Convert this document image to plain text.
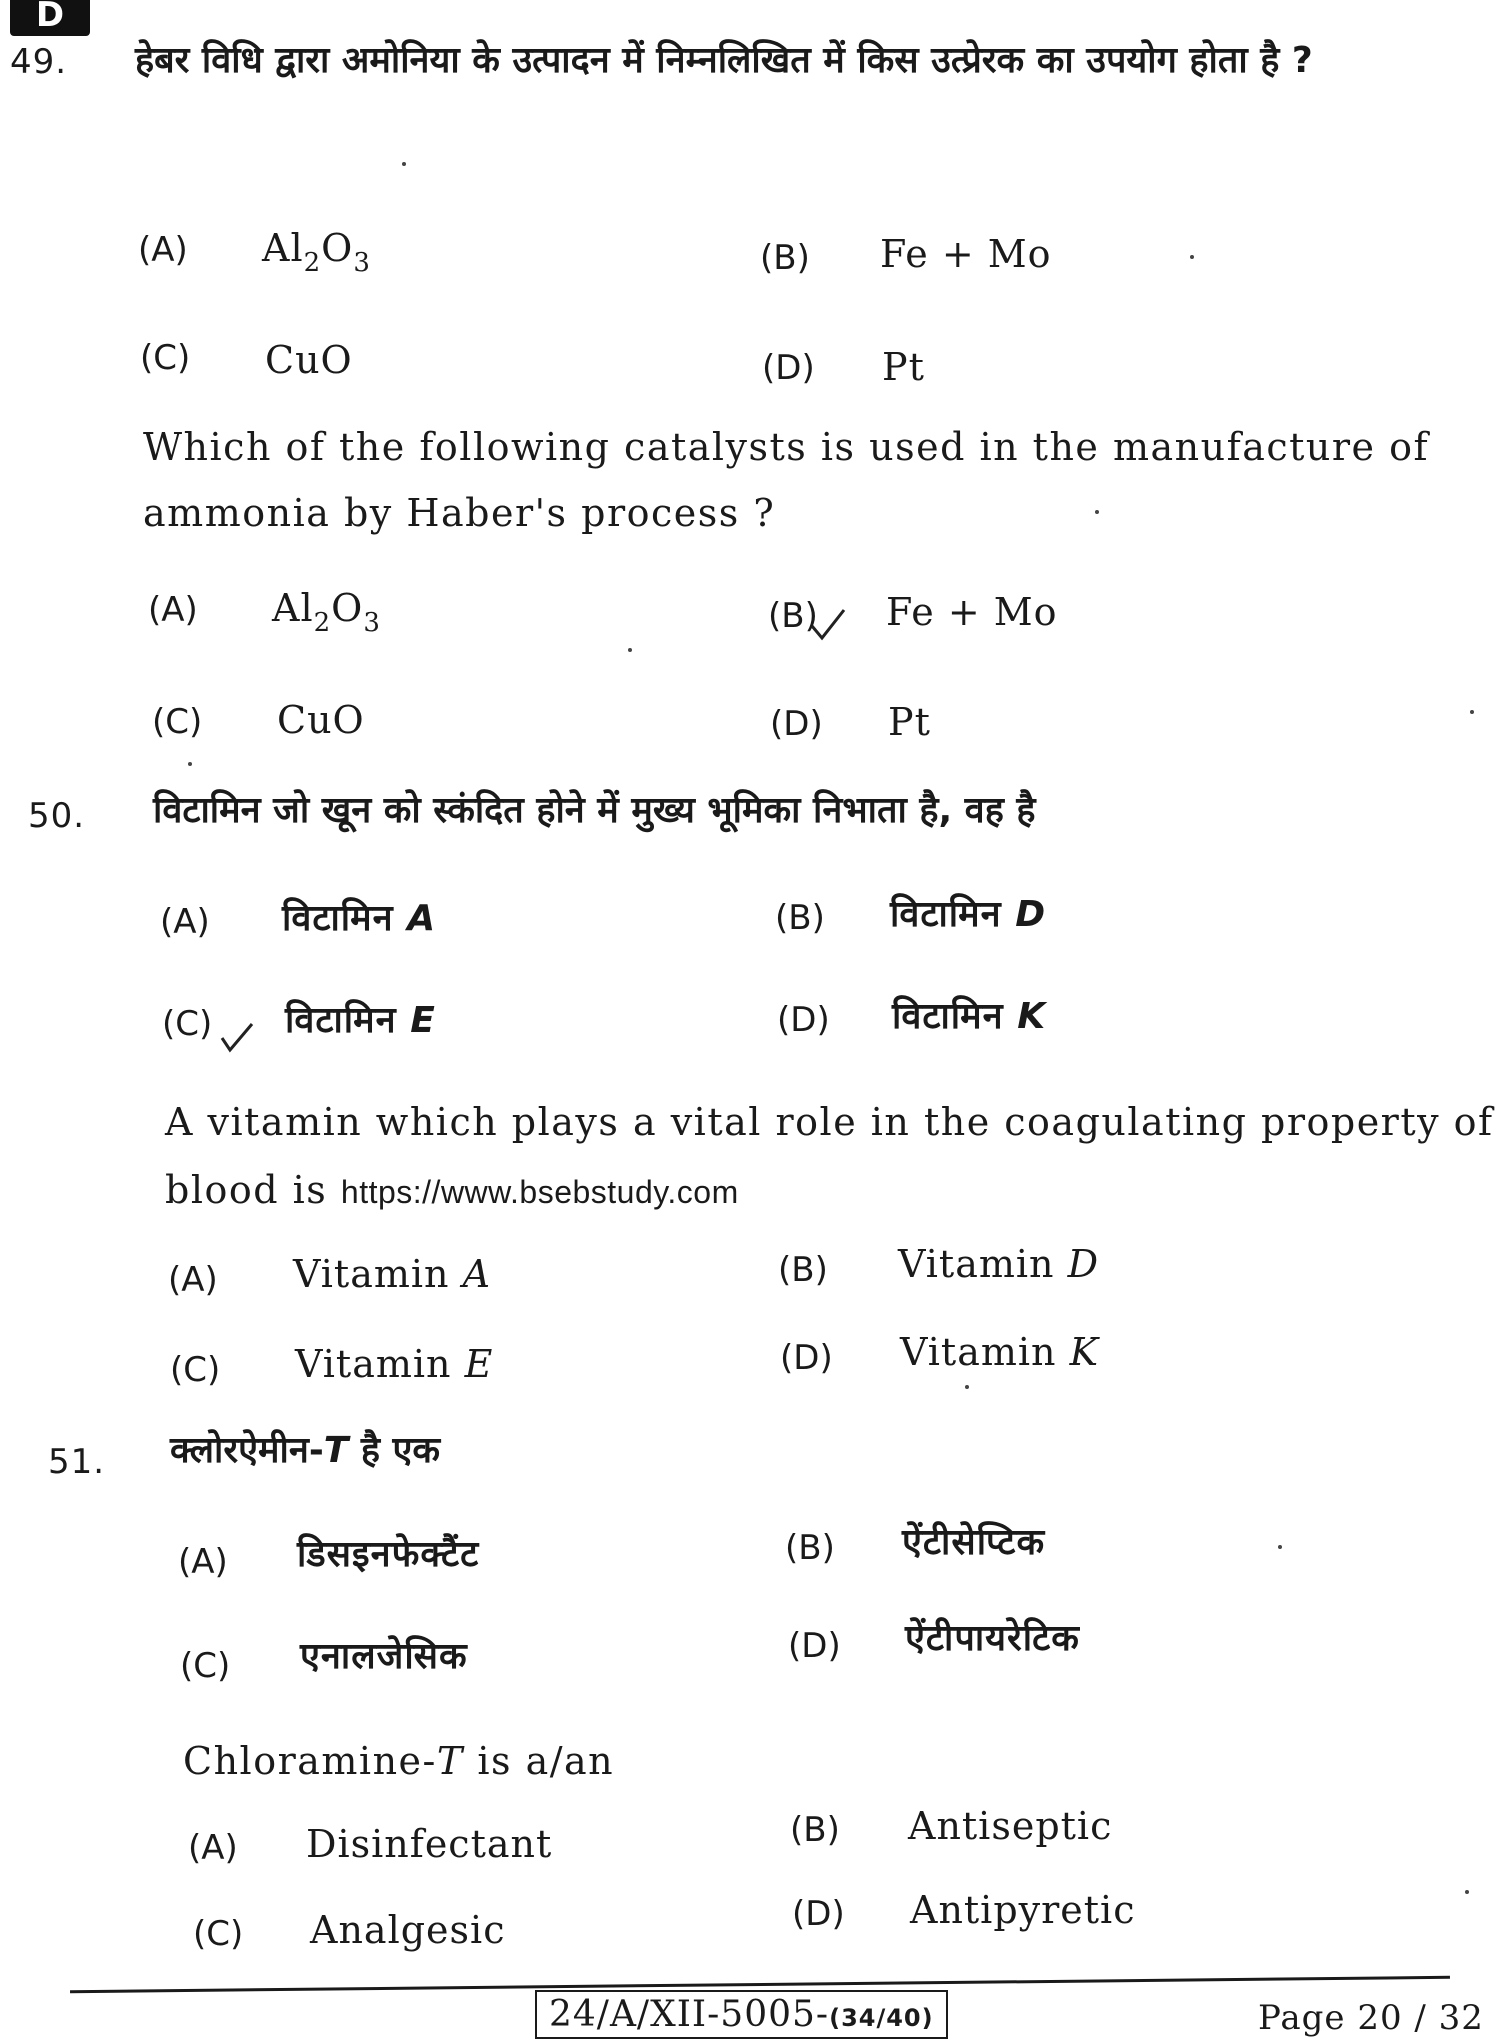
D
49. हेबर विधि द्वारा अमोनिया के उत्पादन में निम्नलिखित में किस उत्प्रेरक का उपयोग होता है ?
(A) $Al_2O_3$	(B) Fe + Mo
(C) CuO	(D) Pt
Which of the following catalysts is used in the manufacture of ammonia by Haber's process ?
(A) $Al_2O_3$	(B) Fe + Mo
(C) CuO	(D) Pt
50. विटामिन जो खून को स्कंदित होने में मुख्य भूमिका निभाता है, वह है
(A) विटामिन A	(B) विटामिन D
(C) विटामिन E	(D) विटामिन K
A vitamin which plays a vital role in the coagulating property of blood is https://www.bsebstudy.com
(A) Vitamin A	(B) Vitamin D
(C) Vitamin E	(D) Vitamin K
51. क्लोरऐमीन-T है एक
(A) डिसइनफेक्टैंट	(B) ऐंटीसेप्टिक
(C) एनालजेसिक	(D) ऐंटीपायरेटिक
Chloramine-T is a/an
(A) Disinfectant	(B) Antiseptic
(C) Analgesic	(D) Antipyretic
24/A/XII-5005-(34/40)	Page 20 / 32
